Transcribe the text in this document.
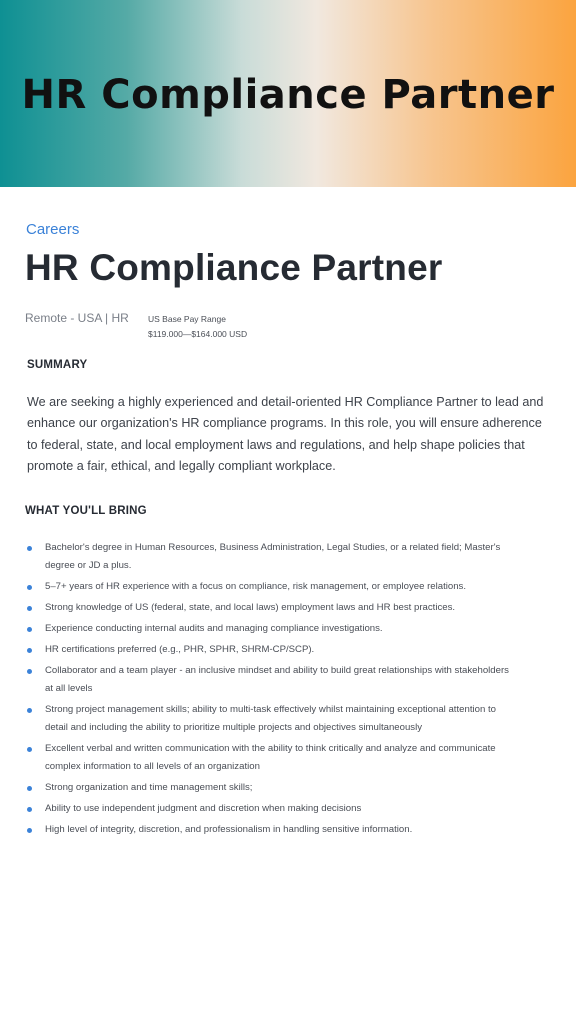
HR Compliance Partner
Careers
HR Compliance Partner
Remote - USA | HR US Base Pay Range
$119.000—$164.000 USD
SUMMARY

We are seeking a highly experienced and detail-oriented HR Compliance Partner to lead and enhance our organization's HR compliance programs. In this role, you will ensure adherence to federal, state, and local employment laws and regulations, and help shape policies that promote a fair, ethical, and legally compliant workplace.

WHAT YOU'LL BRING
Bachelor's degree in Human Resources, Business Administration, Legal Studies, or a related field; Master's degree or JD a plus.
5–7+ years of HR experience with a focus on compliance, risk management, or employee relations.
Strong knowledge of US (federal, state, and local laws) employment laws and HR best practices.
Experience conducting internal audits and managing compliance investigations.
HR certifications preferred (e.g., PHR, SPHR, SHRM-CP/SCP).
Collaborator and a team player - an inclusive mindset and ability to build great relationships with stakeholders at all levels
Strong project management skills; ability to multi-task effectively whilst maintaining exceptional attention to detail and including the ability to prioritize multiple projects and objectives simultaneously
Excellent verbal and written communication with the ability to think critically and analyze and communicate complex information to all levels of an organization
Strong organization and time management skills;
Ability to use independent judgment and discretion when making decisions
High level of integrity, discretion, and professionalism in handling sensitive information.
